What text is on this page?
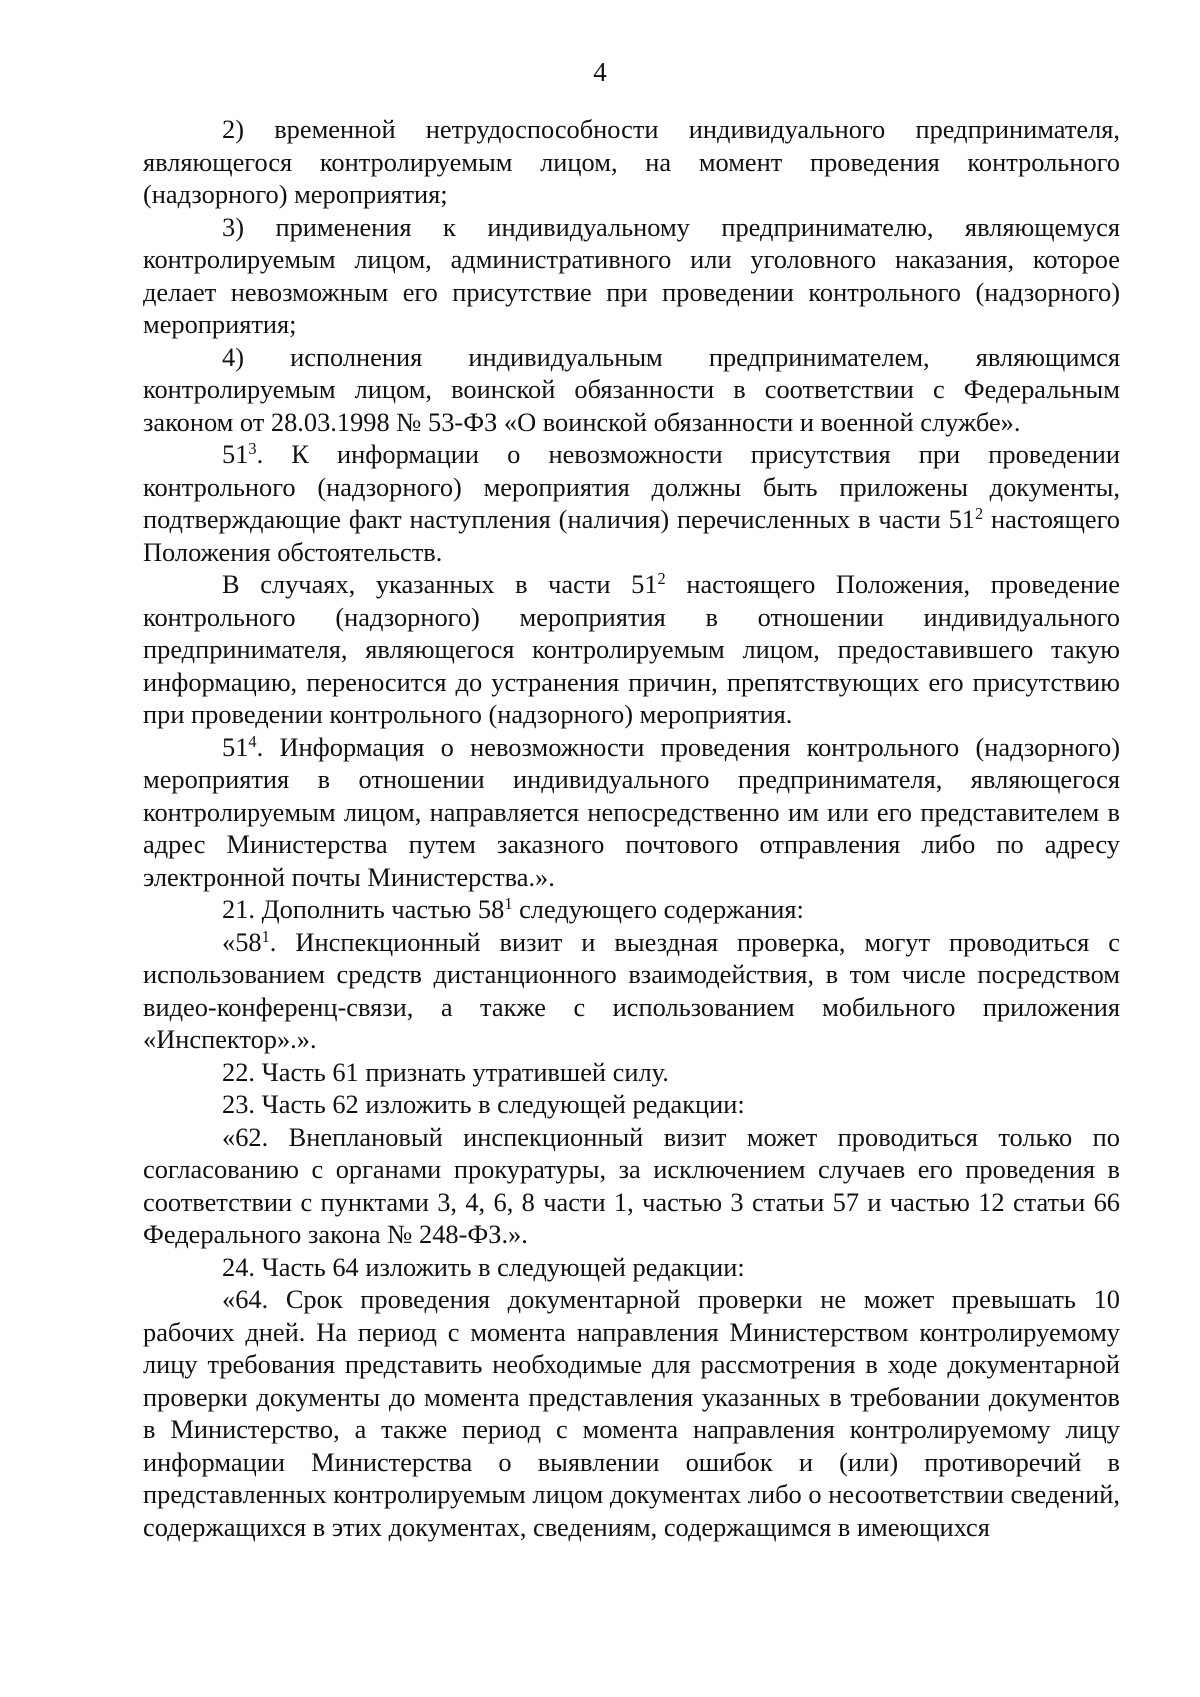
4

2) временной нетрудоспособности индивидуального предпринимателя, являющегося контролируемым лицом, на момент проведения контрольного (надзорного) мероприятия;

3) применения к индивидуальному предпринимателю, являющемуся контролируемым лицом, административного или уголовного наказания, которое делает невозможным его присутствие при проведении контрольного (надзорного) мероприятия;

4) исполнения индивидуальным предпринимателем, являющимся контролируемым лицом, воинской обязанности в соответствии с Федеральным законом от 28.03.1998 № 53-ФЗ «О воинской обязанности и военной службе».

$51^3$. К информации о невозможности присутствия при проведении контрольного (надзорного) мероприятия должны быть приложены документы, подтверждающие факт наступления (наличия) перечисленных в части $51^2$ настоящего Положения обстоятельств.

В случаях, указанных в части $51^2$ настоящего Положения, проведение контрольного (надзорного) мероприятия в отношении индивидуального предпринимателя, являющегося контролируемым лицом, предоставившего такую информацию, переносится до устранения причин, препятствующих его присутствию при проведении контрольного (надзорного) мероприятия.

$51^4$. Информация о невозможности проведения контрольного (надзорного) мероприятия в отношении индивидуального предпринимателя, являющегося контролируемым лицом, направляется непосредственно им или его представителем в адрес Министерства путем заказного почтового отправления либо по адресу электронной почты Министерства.».

21. Дополнить частью $58^1$ следующего содержания:

«$58^1$. Инспекционный визит и выездная проверка, могут проводиться с использованием средств дистанционного взаимодействия, в том числе посредством видео-конференц-связи, а также с использованием мобильного приложения «Инспектор».».

22. Часть 61 признать утратившей силу.

23. Часть 62 изложить в следующей редакции:

«62. Внеплановый инспекционный визит может проводиться только по согласованию с органами прокуратуры, за исключением случаев его проведения в соответствии с пунктами 3, 4, 6, 8 части 1, частью 3 статьи 57 и частью 12 статьи 66 Федерального закона № 248-ФЗ.».

24. Часть 64 изложить в следующей редакции:

«64. Срок проведения документарной проверки не может превышать 10 рабочих дней. На период с момента направления Министерством контролируемому лицу требования представить необходимые для рассмотрения в ходе документарной проверки документы до момента представления указанных в требовании документов в Министерство, а также период с момента направления контролируемому лицу информации Министерства о выявлении ошибок и (или) противоречий в представленных контролируемым лицом документах либо о несоответствии сведений, содержащихся в этих документах, сведениям, содержащимся в имеющихся
